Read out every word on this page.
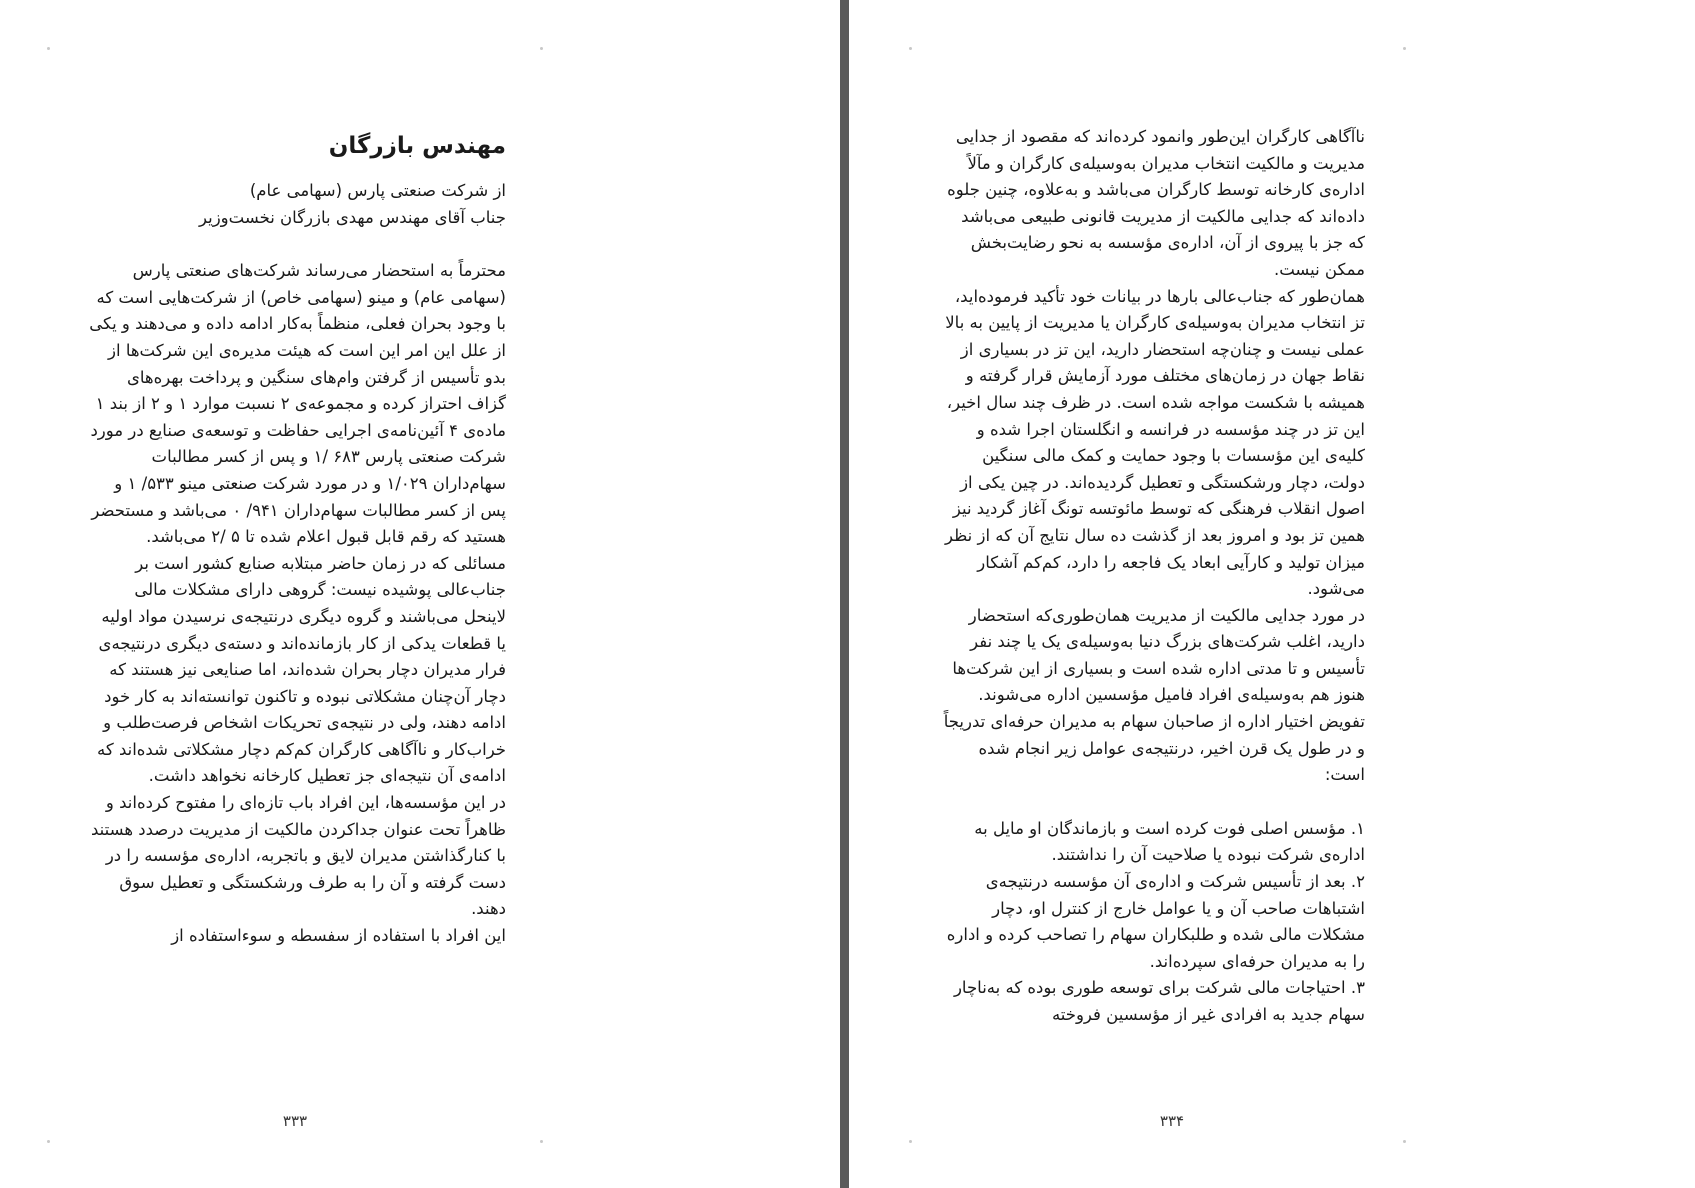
مهندس بازرگان
از شرکت صنعتی پارس (سهامی عام)
جناب آقای مهندس مهدی بازرگان نخست‌وزیر

محترماً به استحضار می‌رساند شرکت‌های صنعتی پارس (سهامی عام) و مینو (سهامی خاص) از شرکت‌هایی است که با وجود بحران فعلی، منظماً به‌کار ادامه داده و می‌دهند و یکی از علل این امر این است که هیئت مدیره‌ی این شرکت‌ها از بدو تأسیس از گرفتن وام‌های سنگین و پرداخت بهره‌های گزاف احتراز کرده و مجموعه‌ی ۲ نسبت موارد ۱ و ۲ از بند ۱ ماده‌ی ۴ آئین‌نامه‌ی اجرایی حفاظت و توسعه‌ی صنایع در مورد شرکت صنعتی پارس ۶۸۳ /۱ و پس از کسر مطالبات سهام‌داران ۱/۰۲۹ و در مورد شرکت صنعتی مینو ۵۳۳/ ۱ و پس از کسر مطالبات سهام‌داران ۹۴۱/ ۰ می‌باشد و مستحضر هستید که رقم قابل قبول اعلام شده تا ۵ /۲ می‌باشد.

مسائلی که در زمان حاضر مبتلابه صنایع کشور است بر جناب‌عالی پوشیده نیست: گروهی دارای مشکلات مالی لاینحل می‌باشند و گروه دیگری درنتیجه‌ی نرسیدن مواد اولیه یا قطعات یدکی از کار بازمانده‌اند و دسته‌ی دیگری درنتیجه‌ی فرار مدیران دچار بحران شده‌اند، اما صنایعی نیز هستند که دچار آن‌چنان مشکلاتی نبوده و تاکنون توانسته‌اند به کار خود ادامه دهند، ولی در نتیجه‌ی تحریکات اشخاص فرصت‌طلب و خراب‌کار و ناآگاهی کارگران کم‌کم دچار مشکلاتی شده‌اند که ادامه‌ی آن نتیجه‌ای جز تعطیل کارخانه نخواهد داشت.

در این مؤسسه‌ها، این افراد باب تازه‌ای را مفتوح کرده‌اند و ظاهراً تحت عنوان جداکردن مالکیت از مدیریت درصدد هستند با کنارگذاشتن مدیران لایق و باتجربه، اداره‌ی مؤسسه را در دست گرفته و آن را به طرف ورشکستگی و تعطیل سوق دهند.

این افراد با استفاده از سفسطه و سوءاستفاده از

۳۳۳

ناآگاهی کارگران این‌طور وانمود کرده‌اند که مقصود از جدایی مدیریت و مالکیت انتخاب مدیران به‌وسیله‌ی کارگران و مآلاً اداره‌ی کارخانه توسط کارگران می‌باشد و به‌علاوه، چنین جلوه داده‌اند که جدایی مالکیت از مدیریت قانونی طبیعی می‌باشد که جز با پیروی از آن، اداره‌ی مؤسسه به نحو رضایت‌بخش ممکن نیست.

همان‌طور که جناب‌عالی بارها در بیانات خود تأکید فرموده‌اید، تز انتخاب مدیران به‌وسیله‌ی کارگران یا مدیریت از پایین به بالا عملی نیست و چنان‌چه استحضار دارید، این تز در بسیاری از نقاط جهان در زمان‌های مختلف مورد آزمایش قرار گرفته و همیشه با شکست مواجه شده است. در ظرف چند سال اخیر، این تز در چند مؤسسه در فرانسه و انگلستان اجرا شده و کلیه‌ی این مؤسسات با وجود حمایت و کمک مالی سنگین دولت، دچار ورشکستگی و تعطیل گردیده‌اند. در چین یکی از اصول انقلاب فرهنگی که توسط مائوتسه تونگ آغاز گردید نیز همین تز بود و امروز بعد از گذشت ده سال نتایج آن که از نظر میزان تولید و کارآیی ابعاد یک فاجعه را دارد، کم‌کم آشکار می‌شود.

در مورد جدایی مالکیت از مدیریت همان‌طوری‌که استحضار دارید، اغلب شرکت‌های بزرگ دنیا به‌وسیله‌ی یک یا چند نفر تأسیس و تا مدتی اداره شده است و بسیاری از این شرکت‌ها هنوز هم به‌وسیله‌ی افراد فامیل مؤسسین اداره می‌شوند. تفویض اختیار اداره از صاحبان سهام به مدیران حرفه‌ای تدریجاً و در طول یک قرن اخیر، درنتیجه‌ی عوامل زیر انجام شده است:

۱. مؤسس اصلی فوت کرده است و بازماندگان او مایل به اداره‌ی شرکت نبوده یا صلاحیت آن را نداشتند.

۲. بعد از تأسیس شرکت و اداره‌ی آن مؤسسه درنتیجه‌ی اشتباهات صاحب آن و یا عوامل خارج از کنترل او، دچار مشکلات مالی شده و طلبکاران سهام را تصاحب کرده و اداره را به مدیران حرفه‌ای سپرده‌اند.

۳. احتیاجات مالی شرکت برای توسعه طوری بوده که به‌ناچار سهام جدید به افرادی غیر از مؤسسین فروخته

۳۳۴
